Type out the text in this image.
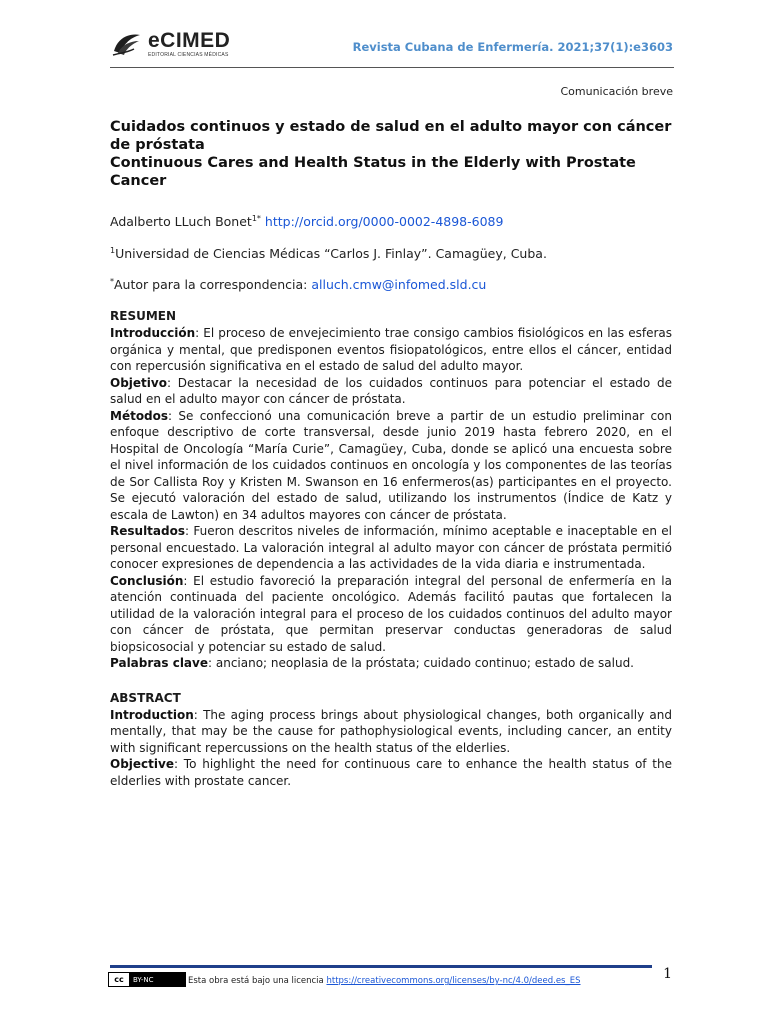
eCIMED
EDITORIAL CIENCIAS MÉDICAS
Revista Cubana de Enfermería. 2021;37(1):e3603
Comunicación breve
Cuidados continuos y estado de salud en el adulto mayor con cáncer de próstata
Continuous Cares and Health Status in the Elderly with Prostate Cancer

Adalberto LLuch Bonet$^{1*}$ http://orcid.org/0000-0002-4898-6089

$^1$Universidad de Ciencias Médicas “Carlos J. Finlay”. Camagüey, Cuba.

*Autor para la correspondencia: alluch.cmw@infomed.sld.cu

RESUMEN

Introducción: El proceso de envejecimiento trae consigo cambios fisiológicos en las esferas orgánica y mental, que predisponen eventos fisiopatológicos, entre ellos el cáncer, entidad con repercusión significativa en el estado de salud del adulto mayor.

Objetivo: Destacar la necesidad de los cuidados continuos para potenciar el estado de salud en el adulto mayor con cáncer de próstata.

Métodos: Se confeccionó una comunicación breve a partir de un estudio preliminar con enfoque descriptivo de corte transversal, desde junio 2019 hasta febrero 2020, en el Hospital de Oncología “María Curie”, Camagüey, Cuba, donde se aplicó una encuesta sobre el nivel información de los cuidados continuos en oncología y los componentes de las teorías de Sor Callista Roy y Kristen M. Swanson en 16 enfermeros(as) participantes en el proyecto. Se ejecutó valoración del estado de salud, utilizando los instrumentos (Índice de Katz y escala de Lawton) en 34 adultos mayores con cáncer de próstata.

Resultados: Fueron descritos niveles de información, mínimo aceptable e inaceptable en el personal encuestado. La valoración integral al adulto mayor con cáncer de próstata permitió conocer expresiones de dependencia a las actividades de la vida diaria e instrumentada.

Conclusión: El estudio favoreció la preparación integral del personal de enfermería en la atención continuada del paciente oncológico. Además facilitó pautas que fortalecen la utilidad de la valoración integral para el proceso de los cuidados continuos del adulto mayor con cáncer de próstata, que permitan preservar conductas generadoras de salud biopsicosocial y potenciar su estado de salud.

Palabras clave: anciano; neoplasia de la próstata; cuidado continuo; estado de salud.

ABSTRACT

Introduction: The aging process brings about physiological changes, both organically and mentally, that may be the cause for pathophysiological events, including cancer, an entity with significant repercussions on the health status of the elderlies.

Objective: To highlight the need for continuous care to enhance the health status of the elderlies with prostate cancer.

cc	BY-NC	Esta obra está bajo una licencia https://creativecommons.org/licenses/by-nc/4.0/deed.es_ES	1
